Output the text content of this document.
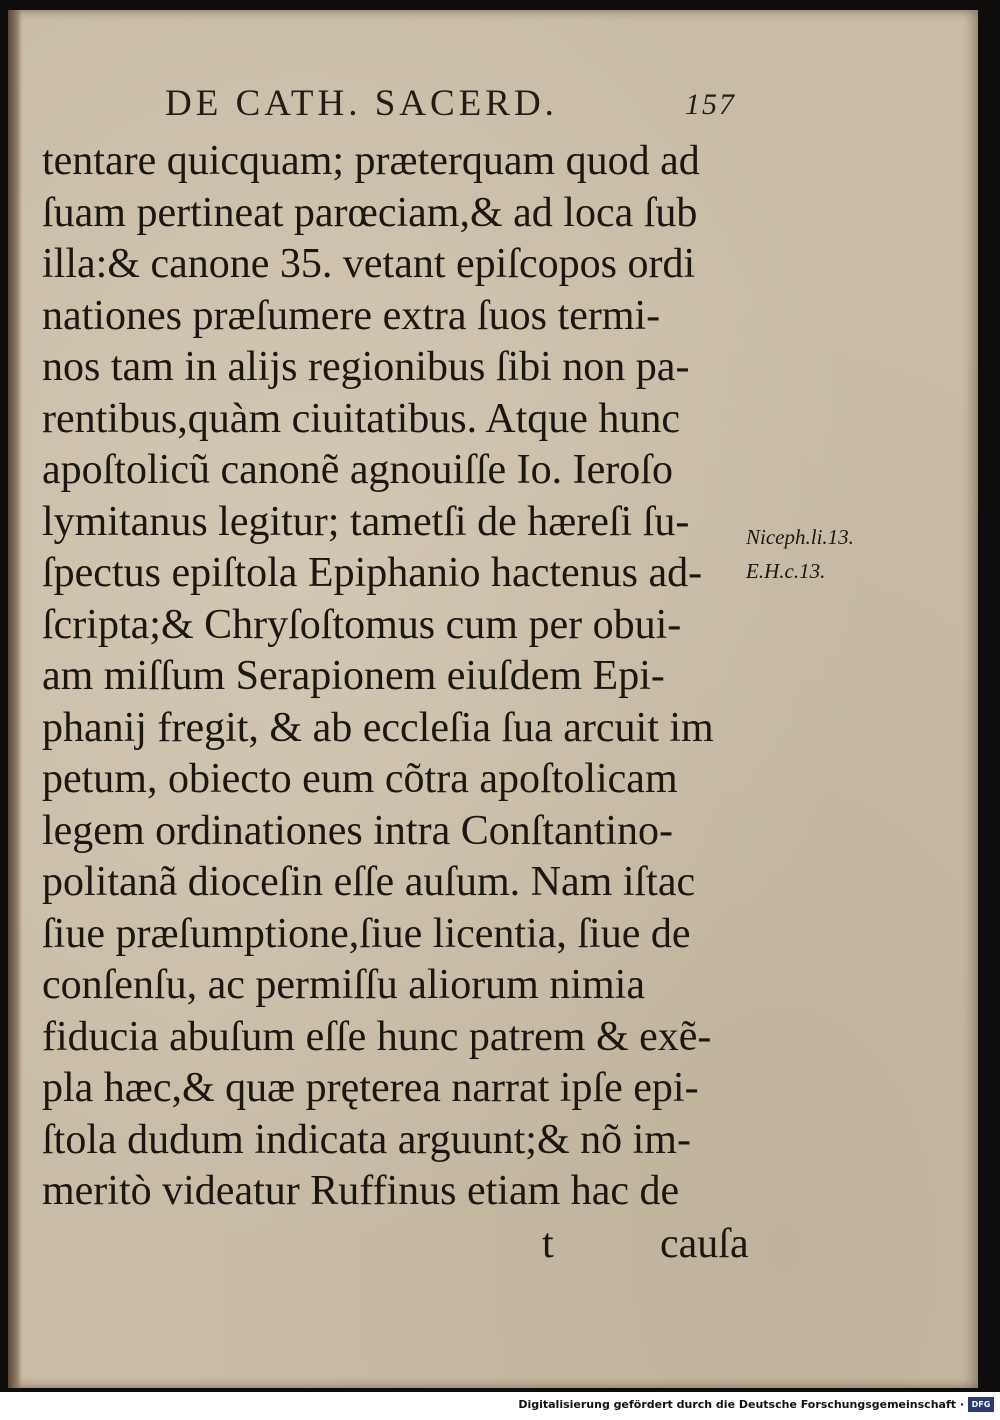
DE CATH. SACERD.	157
tentare quicquam; præterquam quod ad
ſuam pertineat parœciam,& ad loca ſub
illa:& canone 35. vetant epiſcopos ordi
nationes præſumere extra ſuos termi-
nos tam in alijs regionibus ſibi non pa-
rentibus,quàm ciuitatibus. Atque hunc
apoſtolicũ canonẽ agnouiſſe Io. Ieroſo
lymitanus legitur; tametſi de hæreſi ſu-
ſpectus epiſtola Epiphanio hactenus ad-
ſcripta;& Chryſoſtomus cum per obui-
am miſſum Serapionem eiuſdem Epi-
phanij fregit, & ab eccleſia ſua arcuit im
petum, obiecto eum cõtra apoſtolicam
legem ordinationes intra Conſtantino-
politanã dioceſin eſſe auſum. Nam iſtac
ſiue præſumptione,ſiue licentia, ſiue de
conſenſu, ac permiſſu aliorum nimia
fiducia abuſum eſſe hunc patrem & exẽ-
pla hæc,& quæ pręterea narrat ipſe epi-
ſtola dudum indicata arguunt;& nõ im-
meritò videatur Ruffinus etiam hac de
Niceph.li.13.
E.H.c.13.
t	cauſa
Digitalisierung gefördert durch die Deutsche Forschungsgemeinschaft · DFG
